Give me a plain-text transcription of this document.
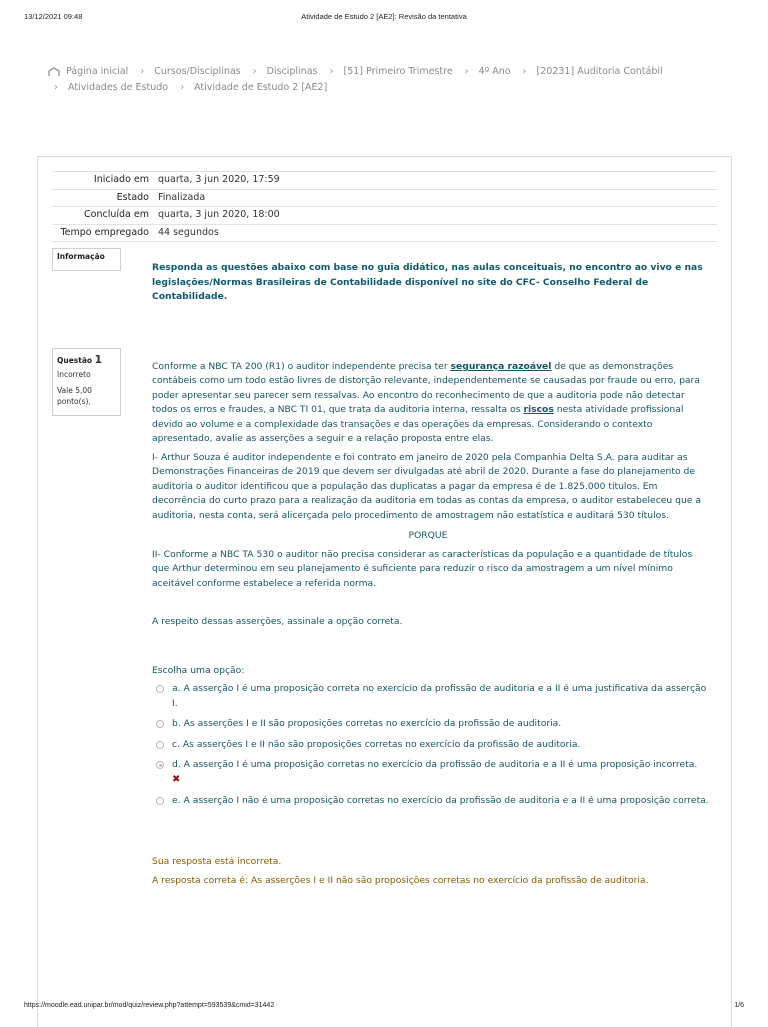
13/12/2021 09:48	Atividade de Estudo 2 [AE2]: Revisão da tentativa
Página inicial › Cursos/Disciplinas › Disciplinas › [51] Primeiro Trimestre › 4º Ano › [20231] Auditoria Contábil
› Atividades de Estudo › Atividade de Estudo 2 [AE2]
Iniciado em quarta, 3 jun 2020, 17:59
Estado Finalizada
Concluída em quarta, 3 jun 2020, 18:00
Tempo empregado 44 segundos
Informação
Responda as questões abaixo com base no guia didático, nas aulas conceituais, no encontro ao vivo e nas legislações/Normas Brasileiras de Contabilidade disponível no site do CFC- Conselho Federal de Contabilidade.
Questão 1
Incorreto
Vale 5,00 ponto(s).
Conforme a NBC TA 200 (R1) o auditor independente precisa ter segurança razoável de que as demonstrações contábeis como um todo estão livres de distorção relevante, independentemente se causadas por fraude ou erro, para poder apresentar seu parecer sem ressalvas. Ao encontro do reconhecimento de que a auditoria pode não detectar todos os erros e fraudes, a NBC TI 01, que trata da auditoria interna, ressalta os riscos nesta atividade profissional devido ao volume e a complexidade das transações e das operações da empresas. Considerando o contexto apresentado, avalie as asserções a seguir e a relação proposta entre elas.
I- Arthur Souza é auditor independente e foi contrato em janeiro de 2020 pela Companhia Delta S.A. para auditar as Demonstrações Financeiras de 2019 que devem ser divulgadas até abril de 2020. Durante a fase do planejamento de auditoria o auditor identificou que a população das duplicatas a pagar da empresa é de 1.825.000 títulos. Em decorrência do curto prazo para a realização da auditoria em todas as contas da empresa, o auditor estabeleceu que a auditoria, nesta conta, será alicerçada pelo procedimento de amostragem não estatística e auditará 530 títulos.
PORQUE
II- Conforme a NBC TA 530 o auditor não precisa considerar as características da população e a quantidade de títulos que Arthur determinou em seu planejamento é suficiente para reduzir o risco da amostragem a um nível mínimo aceitável conforme estabelece a referida norma.
A respeito dessas asserções, assinale a opção correta.
Escolha uma opção:
a. A asserção I é uma proposição correta no exercício da profissão de auditoria e a II é uma justificativa da asserção I.
b. As asserções I e II são proposições corretas no exercício da profissão de auditoria.
c. As asserções I e II não são proposições corretas no exercício da profissão de auditoria.
d. A asserção I é uma proposição corretas no exercício da profissão de auditoria e a II é uma proposição incorreta.
✖
e. A asserção I não é uma proposição corretas no exercício da profissão de auditoria e a II é uma proposição correta.
Sua resposta está incorreta.
A resposta correta é: As asserções I e II não são proposições corretas no exercício da profissão de auditoria.
https://moodle.ead.unipar.br/mod/quiz/review.php?attempt=593539&cmid=31442	1/6
